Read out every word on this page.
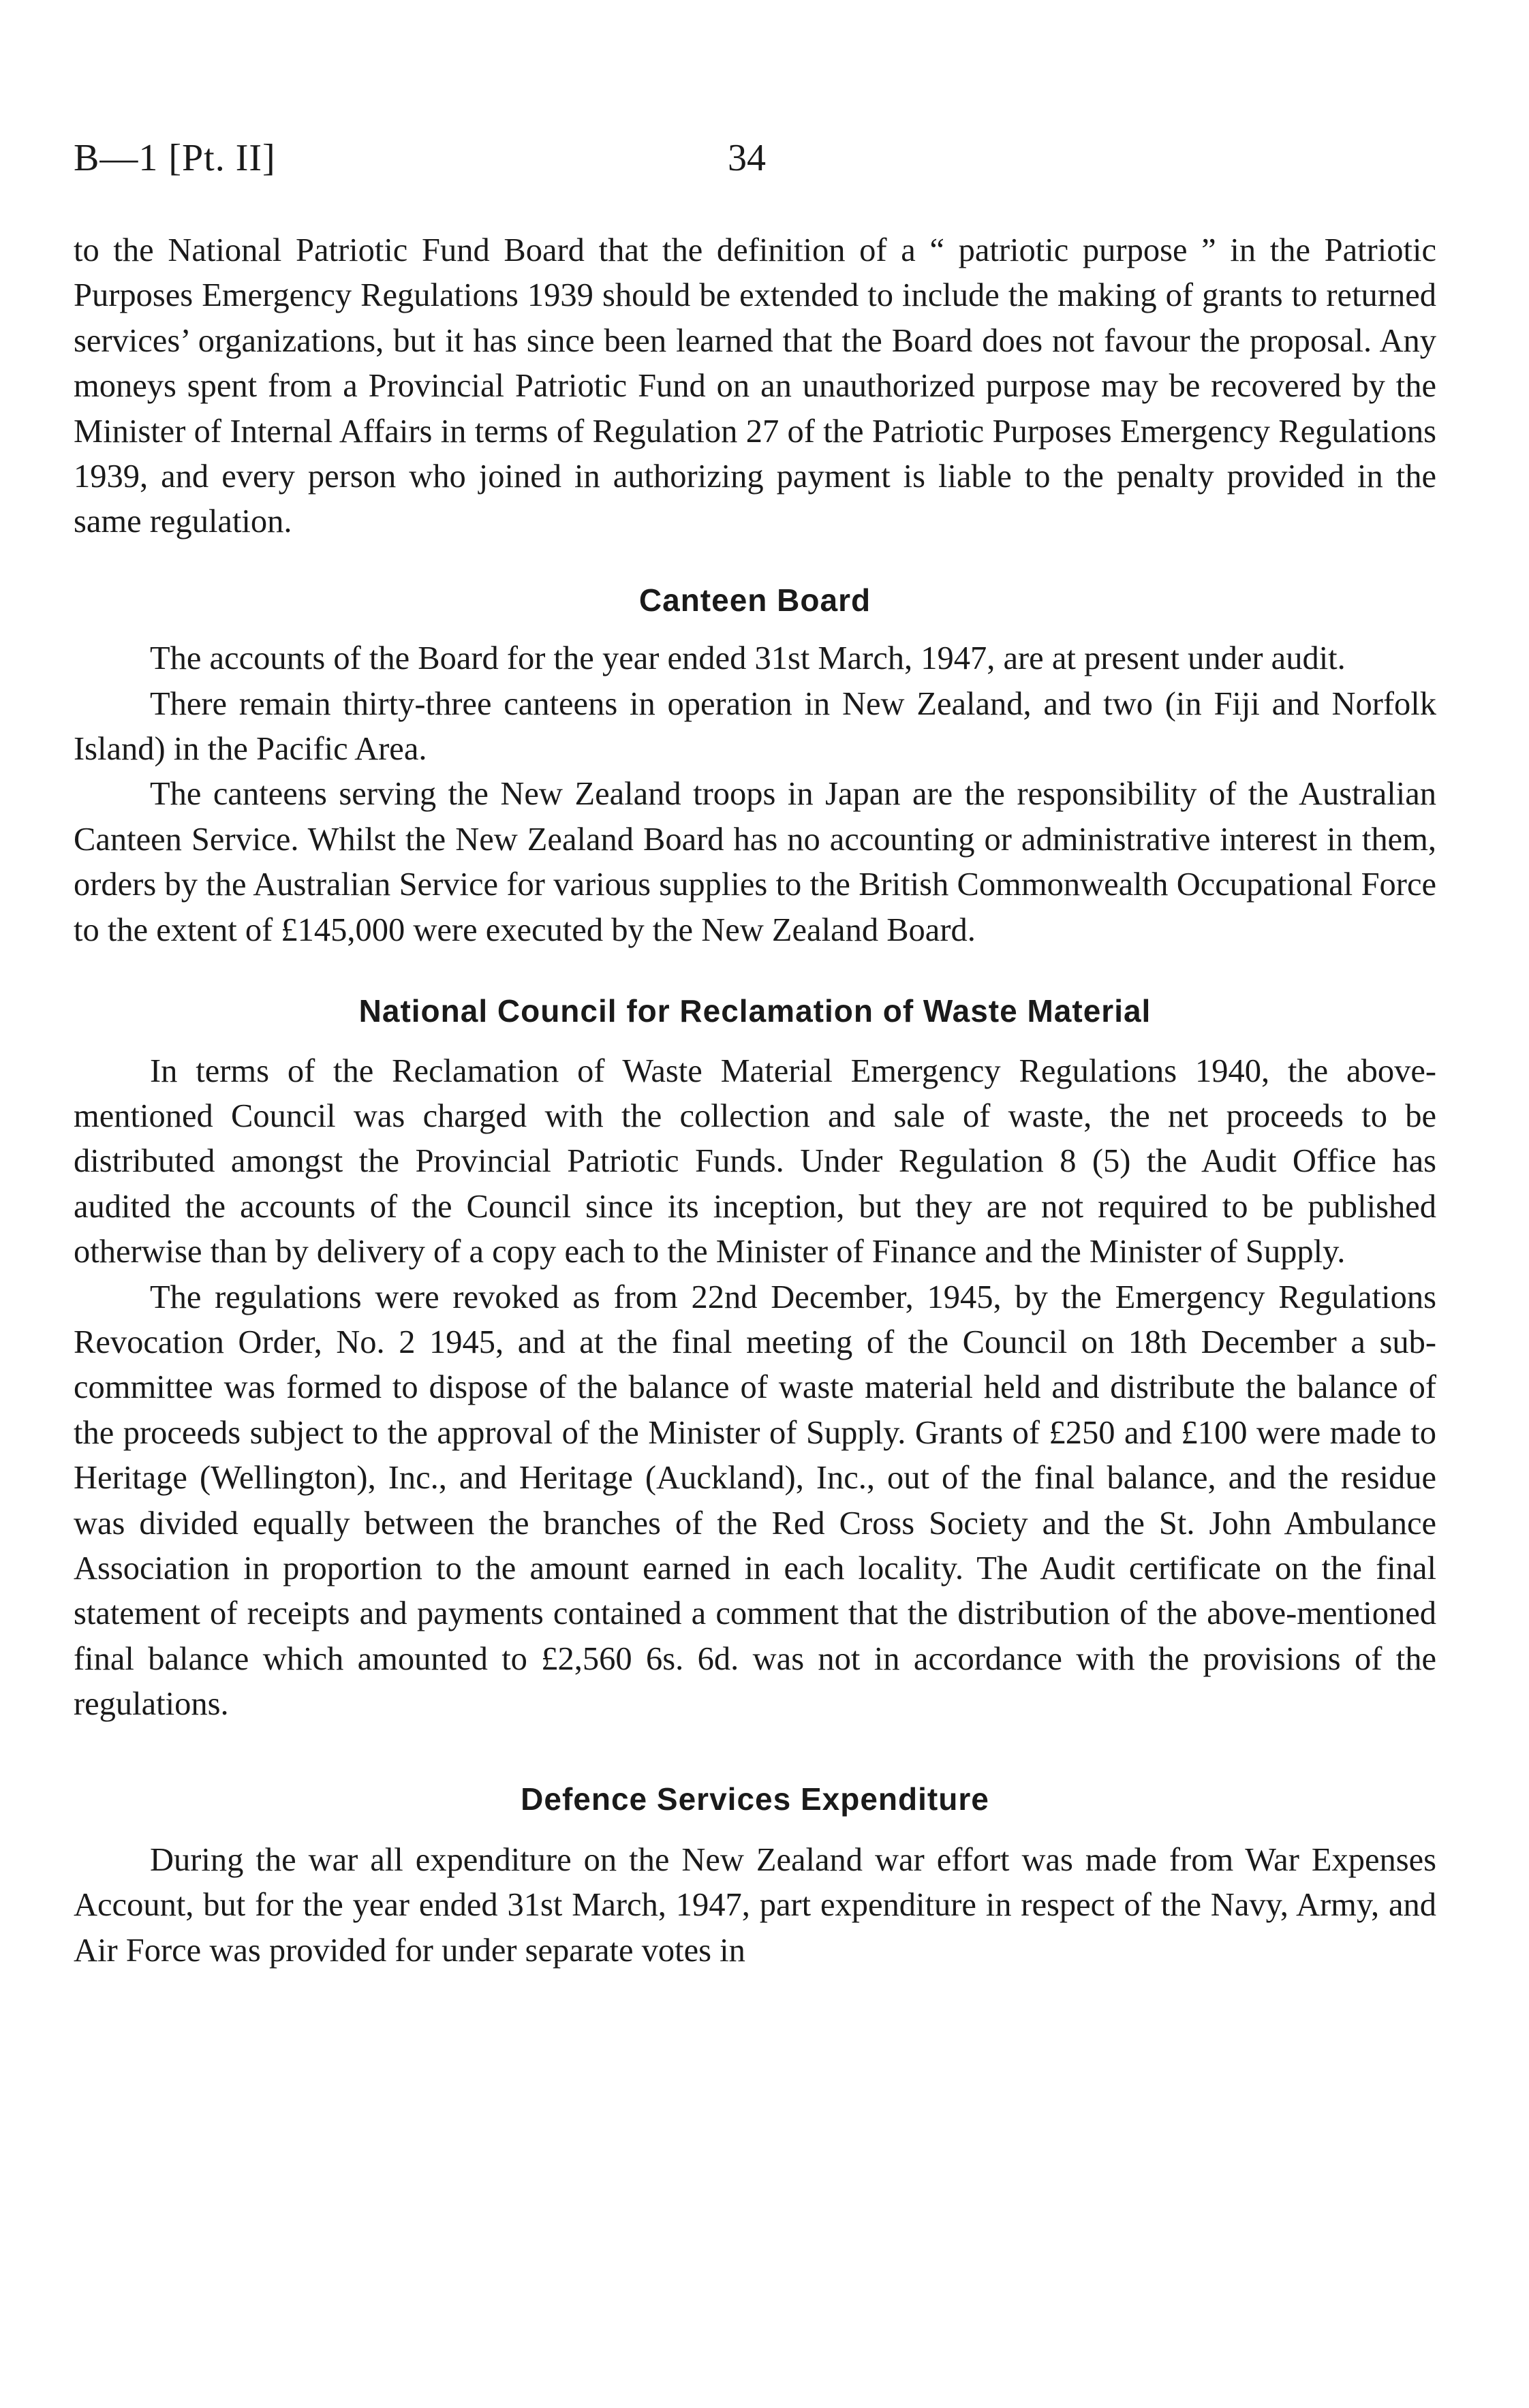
B—1 [Pt. II]	34

to the National Patriotic Fund Board that the definition of a “ patriotic purpose ” in the Patriotic Purposes Emergency Regulations 1939 should be extended to include the making of grants to returned services’ organizations, but it has since been learned that the Board does not favour the proposal. Any moneys spent from a Provincial Patriotic Fund on an unauthorized purpose may be recovered by the Minister of Internal Affairs in terms of Regulation 27 of the Patriotic Purposes Emergency Regulations 1939, and every person who joined in authorizing payment is liable to the penalty provided in the same regulation.

Canteen Board

The accounts of the Board for the year ended 31st March, 1947, are at present under audit.

There remain thirty-three canteens in operation in New Zealand, and two (in Fiji and Norfolk Island) in the Pacific Area.

The canteens serving the New Zealand troops in Japan are the responsibility of the Australian Canteen Service. Whilst the New Zealand Board has no accounting or administrative interest in them, orders by the Australian Service for various supplies to the British Commonwealth Occupational Force to the extent of £145,000 were executed by the New Zealand Board.

National Council for Reclamation of Waste Material

In terms of the Reclamation of Waste Material Emergency Regulations 1940, the above-mentioned Council was charged with the collection and sale of waste, the net proceeds to be distributed amongst the Provincial Patriotic Funds. Under Regulation 8 (5) the Audit Office has audited the accounts of the Council since its inception, but they are not required to be published otherwise than by delivery of a copy each to the Minister of Finance and the Minister of Supply.

The regulations were revoked as from 22nd December, 1945, by the Emergency Regulations Revocation Order, No. 2 1945, and at the final meeting of the Council on 18th December a sub-committee was formed to dispose of the balance of waste material held and distribute the balance of the proceeds subject to the approval of the Minister of Supply. Grants of £250 and £100 were made to Heritage (Wellington), Inc., and Heritage (Auckland), Inc., out of the final balance, and the residue was divided equally between the branches of the Red Cross Society and the St. John Ambulance Association in proportion to the amount earned in each locality. The Audit certificate on the final statement of receipts and payments contained a comment that the distribution of the above-mentioned final balance which amounted to £2,560 6s. 6d. was not in accordance with the provisions of the regulations.

Defence Services Expenditure

During the war all expenditure on the New Zealand war effort was made from War Expenses Account, but for the year ended 31st March, 1947, part expenditure in respect of the Navy, Army, and Air Force was provided for under separate votes in
